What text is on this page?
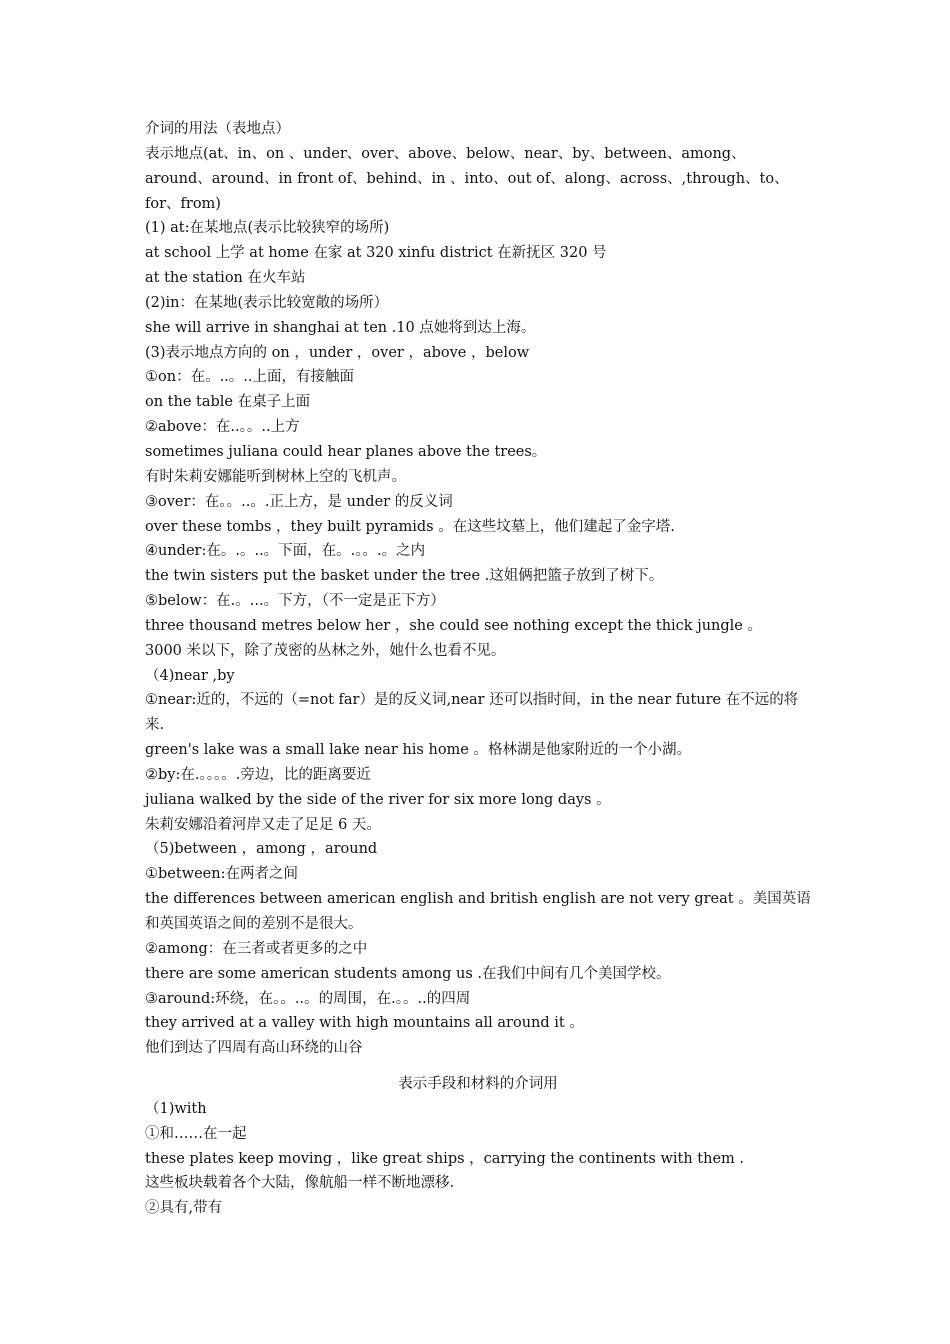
介词的用法（表地点）
表示地点(at、in、on 、under、over、above、below、near、by、between、among、around、around、in front of、behind、in 、into、out of、along、across、,through、to、for、from)
(1) at:在某地点(表示比较狭窄的场所)
at school 上学 at home 在家 at 320 xinfu district 在新抚区 320 号
at the station 在火车站
(2)in：在某地(表示比较宽敞的场所）
she will arrive in shanghai at ten .10 点她将到达上海。
(3)表示地点方向的 on ，under ，over ，above ，below
①on：在。..。..上面，有接触面
on the table 在桌子上面
②above：在..。。..上方
sometimes juliana could hear planes above the trees。
有时朱莉安娜能听到树林上空的飞机声。
③over：在。。..。.正上方，是 under 的反义词
over these tombs ，they built pyramids 。在这些坟墓上，他们建起了金字塔.
④under:在。.。..。下面，在。.。。.。之内
the twin sisters put the basket under the tree .这姐俩把篮子放到了树下。
⑤below：在.。...。下方，（不一定是正下方）
three thousand metres below her ，she could see nothing except the thick jungle 。
3000 米以下，除了茂密的丛林之外，她什么也看不见。
（4)near ,by
①near:近的，不远的（=not far）是的反义词,near 还可以指时间，in the near future 在不远的将来.
green's lake was a small lake near his home 。格林湖是他家附近的一个小湖。
②by:在.。。。。.旁边，比的距离要近
juliana walked by the side of the river for six more long days 。
朱莉安娜沿着河岸又走了足足 6 天。
（5)between ，among ，around
①between:在两者之间
the differences between american english and british english are not very great 。美国英语和英国英语之间的差别不是很大。
②among：在三者或者更多的之中
there are some american students among us .在我们中间有几个美国学校。
③around:环绕，在。。..。的周围，在.。。..的四周
they arrived at a valley with high mountains all around it 。
他们到达了四周有高山环绕的山谷
表示手段和材料的介词用
（1)with
①和……在一起
these plates keep moving ，like great ships ，carrying the continents with them .
这些板块载着各个大陆，像航船一样不断地漂移.
②具有,带有
